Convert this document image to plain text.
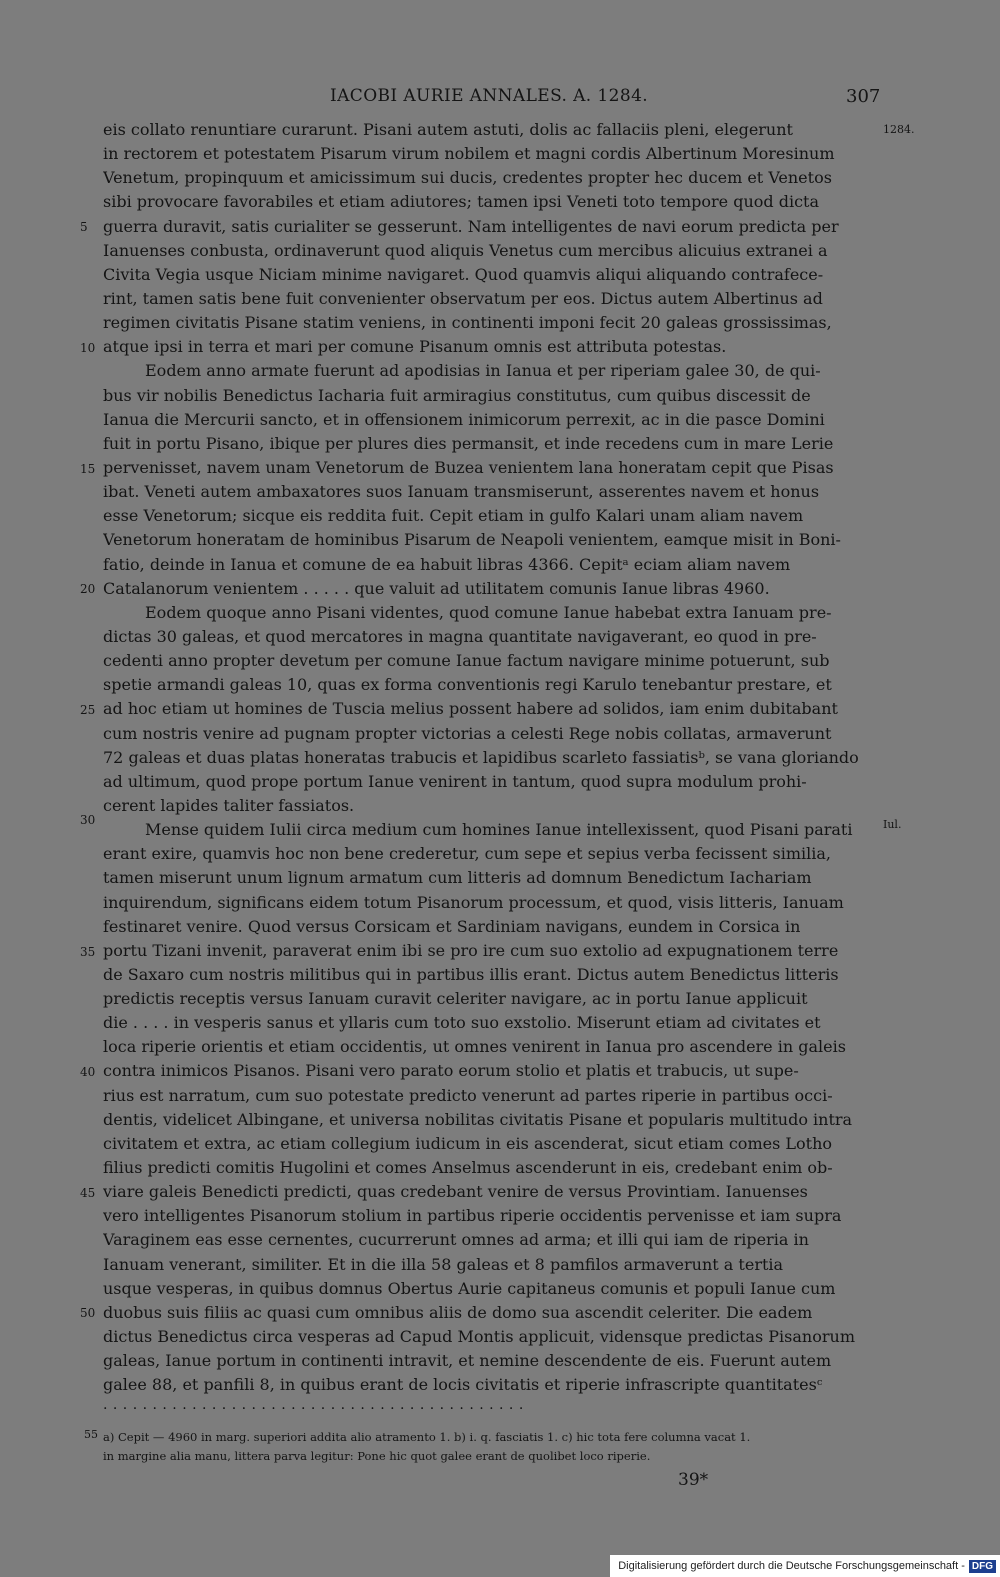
IACOBI AURIE ANNALES. A. 1284.	307
1284.
Iul.
5
10
15
20
25
30
35
40
45
50
eis collato renuntiare curarunt. Pisani autem astuti, dolis ac fallaciis pleni, elegerunt
in rectorem et potestatem Pisarum virum nobilem et magni cordis Albertinum Moresinum
Venetum, propinquum et amicissimum sui ducis, credentes propter hec ducem et Venetos
sibi provocare favorabiles et etiam adiutores; tamen ipsi Veneti toto tempore quod dicta
guerra duravit, satis curialiter se gesserunt. Nam intelligentes de navi eorum predicta per
Ianuenses conbusta, ordinaverunt quod aliquis Venetus cum mercibus alicuius extranei a
Civita Vegia usque Niciam minime navigaret. Quod quamvis aliqui aliquando contrafece-
rint, tamen satis bene fuit convenienter observatum per eos. Dictus autem Albertinus ad
regimen civitatis Pisane statim veniens, in continenti imponi fecit 20 galeas grossissimas,
atque ipsi in terra et mari per comune Pisanum omnis est attributa potestas.
Eodem anno armate fuerunt ad apodisias in Ianua et per riperiam galee 30, de qui-
bus vir nobilis Benedictus Iacharia fuit armiragius constitutus, cum quibus discessit de
Ianua die Mercurii sancto, et in offensionem inimicorum perrexit, ac in die pasce Domini
fuit in portu Pisano, ibique per plures dies permansit, et inde recedens cum in mare Lerie
pervenisset, navem unam Venetorum de Buzea venientem lana honeratam cepit que Pisas
ibat. Veneti autem ambaxatores suos Ianuam transmiserunt, asserentes navem et honus
esse Venetorum; sicque eis reddita fuit. Cepit etiam in gulfo Kalari unam aliam navem
Venetorum honeratam de hominibus Pisarum de Neapoli venientem, eamque misit in Boni-
fatio, deinde in Ianua et comune de ea habuit libras 4366. Cepitᵃ eciam aliam navem
Catalanorum venientem . . . . . que valuit ad utilitatem comunis Ianue libras 4960.
Eodem quoque anno Pisani videntes, quod comune Ianue habebat extra Ianuam pre-
dictas 30 galeas, et quod mercatores in magna quantitate navigaverant, eo quod in pre-
cedenti anno propter devetum per comune Ianue factum navigare minime potuerunt, sub
spetie armandi galeas 10, quas ex forma conventionis regi Karulo tenebantur prestare, et
ad hoc etiam ut homines de Tuscia melius possent habere ad solidos, iam enim dubitabant
cum nostris venire ad pugnam propter victorias a celesti Rege nobis collatas, armaverunt
72 galeas et duas platas honeratas trabucis et lapidibus scarleto fassiatisᵇ, se vana gloriando
ad ultimum, quod prope portum Ianue venirent in tantum, quod supra modulum prohi-
cerent lapides taliter fassiatos.
Mense quidem Iulii circa medium cum homines Ianue intellexissent, quod Pisani parati
erant exire, quamvis hoc non bene crederetur, cum sepe et sepius verba fecissent similia,
tamen miserunt unum lignum armatum cum litteris ad domnum Benedictum Iachariam
inquirendum, significans eidem totum Pisanorum processum, et quod, visis litteris, Ianuam
festinaret venire. Quod versus Corsicam et Sardiniam navigans, eundem in Corsica in
portu Tizani invenit, paraverat enim ibi se pro ire cum suo extolio ad expugnationem terre
de Saxaro cum nostris militibus qui in partibus illis erant. Dictus autem Benedictus litteris
predictis receptis versus Ianuam curavit celeriter navigare, ac in portu Ianue applicuit
die . . . . in vesperis sanus et yllaris cum toto suo exstolio. Miserunt etiam ad civitates et
loca riperie orientis et etiam occidentis, ut omnes venirent in Ianua pro ascendere in galeis
contra inimicos Pisanos. Pisani vero parato eorum stolio et platis et trabucis, ut supe-
rius est narratum, cum suo potestate predicto venerunt ad partes riperie in partibus occi-
dentis, videlicet Albingane, et universa nobilitas civitatis Pisane et popularis multitudo intra
civitatem et extra, ac etiam collegium iudicum in eis ascenderat, sicut etiam comes Lotho
filius predicti comitis Hugolini et comes Anselmus ascenderunt in eis, credebant enim ob-
viare galeis Benedicti predicti, quas credebant venire de versus Provintiam. Ianuenses
vero intelligentes Pisanorum stolium in partibus riperie occidentis pervenisse et iam supra
Varaginem eas esse cernentes, cucurrerunt omnes ad arma; et illi qui iam de riperia in
Ianuam venerant, similiter. Et in die illa 58 galeas et 8 pamfilos armaverunt a tertia
usque vesperas, in quibus domnus Obertus Aurie capitaneus comunis et populi Ianue cum
duobus suis filiis ac quasi cum omnibus aliis de domo sua ascendit celeriter. Die eadem
dictus Benedictus circa vesperas ad Capud Montis applicuit, vidensque predictas Pisanorum
galeas, Ianue portum in continenti intravit, et nemine descendente de eis. Fuerunt autem
galee 88, et panfili 8, in quibus erant de locis civitatis et riperie infrascripte quantitatesᶜ
. . . . . . . . . . . . . . . . . . . . . . . . . . . . . . . . . . . . . . . . . . .
55 a) Cepit — 4960 in marg. superiori addita alio atramento 1. b) i. q. fasciatis 1. c) hic tota fere columna vacat 1.
in margine alia manu, littera parva legitur: Pone hic quot galee erant de quolibet loco riperie.
39*
Digitalisierung gefördert durch die Deutsche Forschungsgemeinschaft - DFG
